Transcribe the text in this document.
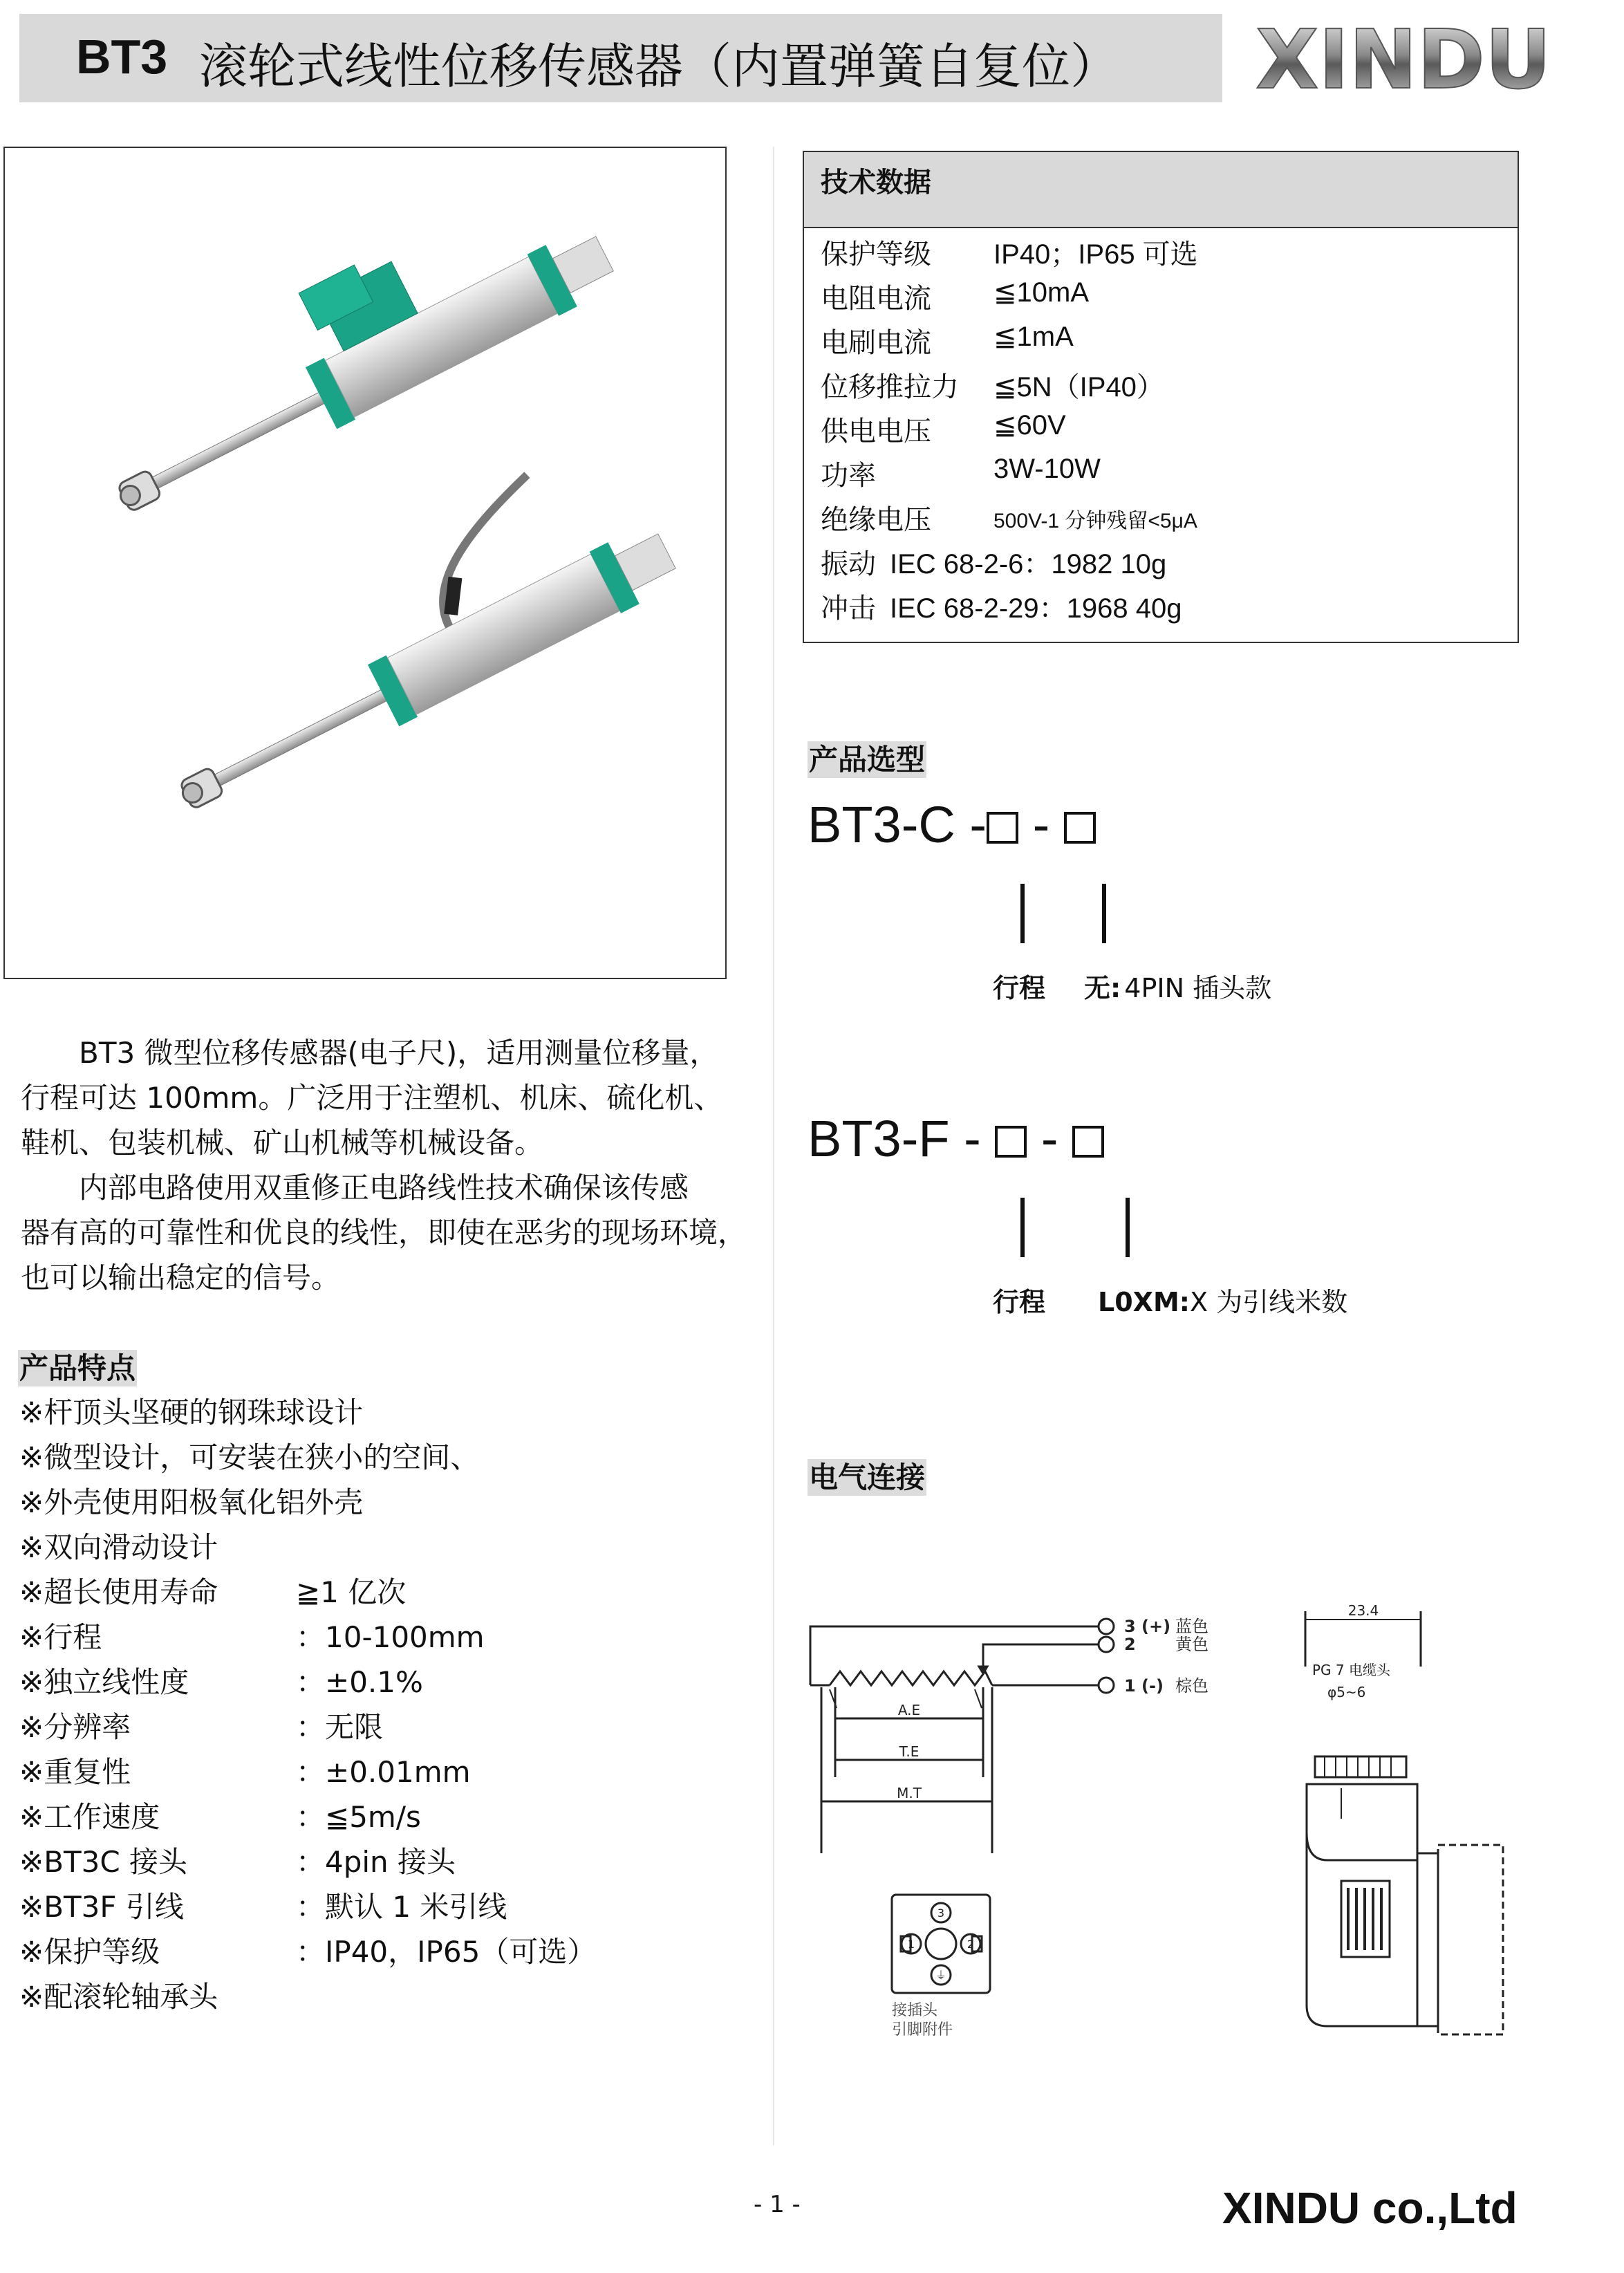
BT3 滚轮式线性位移传感器（内置弹簧自复位） XINDU
BT3 微型位移传感器(电子尺)，适用测量位移量，
行程可达 100mm。广泛用于注塑机、机床、硫化机、
鞋机、包装机械、矿山机械等机械设备。
内部电路使用双重修正电路线性技术确保该传感
器有高的可靠性和优良的线性，即使在恶劣的现场环境，
也可以输出稳定的信号。
产品特点
※杆顶头坚硬的钢珠球设计
※微型设计，可安装在狭小的空间、
※外壳使用阳极氧化铝外壳
※双向滑动设计
※超长使用寿命	≧1 亿次
※行程	：10-100mm
※独立线性度	：±0.1%
※分辨率	：无限
※重复性	：±0.01mm
※工作速度	：≦5m/s
※BT3C 接头	：4pin 接头
※BT3F 引线	：默认 1 米引线
※保护等级	：IP40，IP65（可选）
※配滚轮轴承头
技术数据
保护等级 IP40；IP65 可选
电阻电流 ≦10mA
电刷电流 ≦1mA
位移推拉力 ≦5N（IP40）
供电电压 ≦60V
功率	3W-10W
绝缘电压	500V-1 分钟残留<5μA
振动 IEC 68-2-6：1982 10g
冲击 IEC 68-2-29：1968 40g
产品选型
BT3-C - -
行程 无: 4PIN 插头款
BT3-F - -
行程 L0XM:X 为引线米数
电气连接
A.E
T.E
M.T
3 (+) 蓝色
2 黄色
1 (-) 棕色
3
1	2
⏚
接插头
引脚附件
23.4
PG 7 电缆头
φ5~6
- 1 -	XINDU co.,Ltd
